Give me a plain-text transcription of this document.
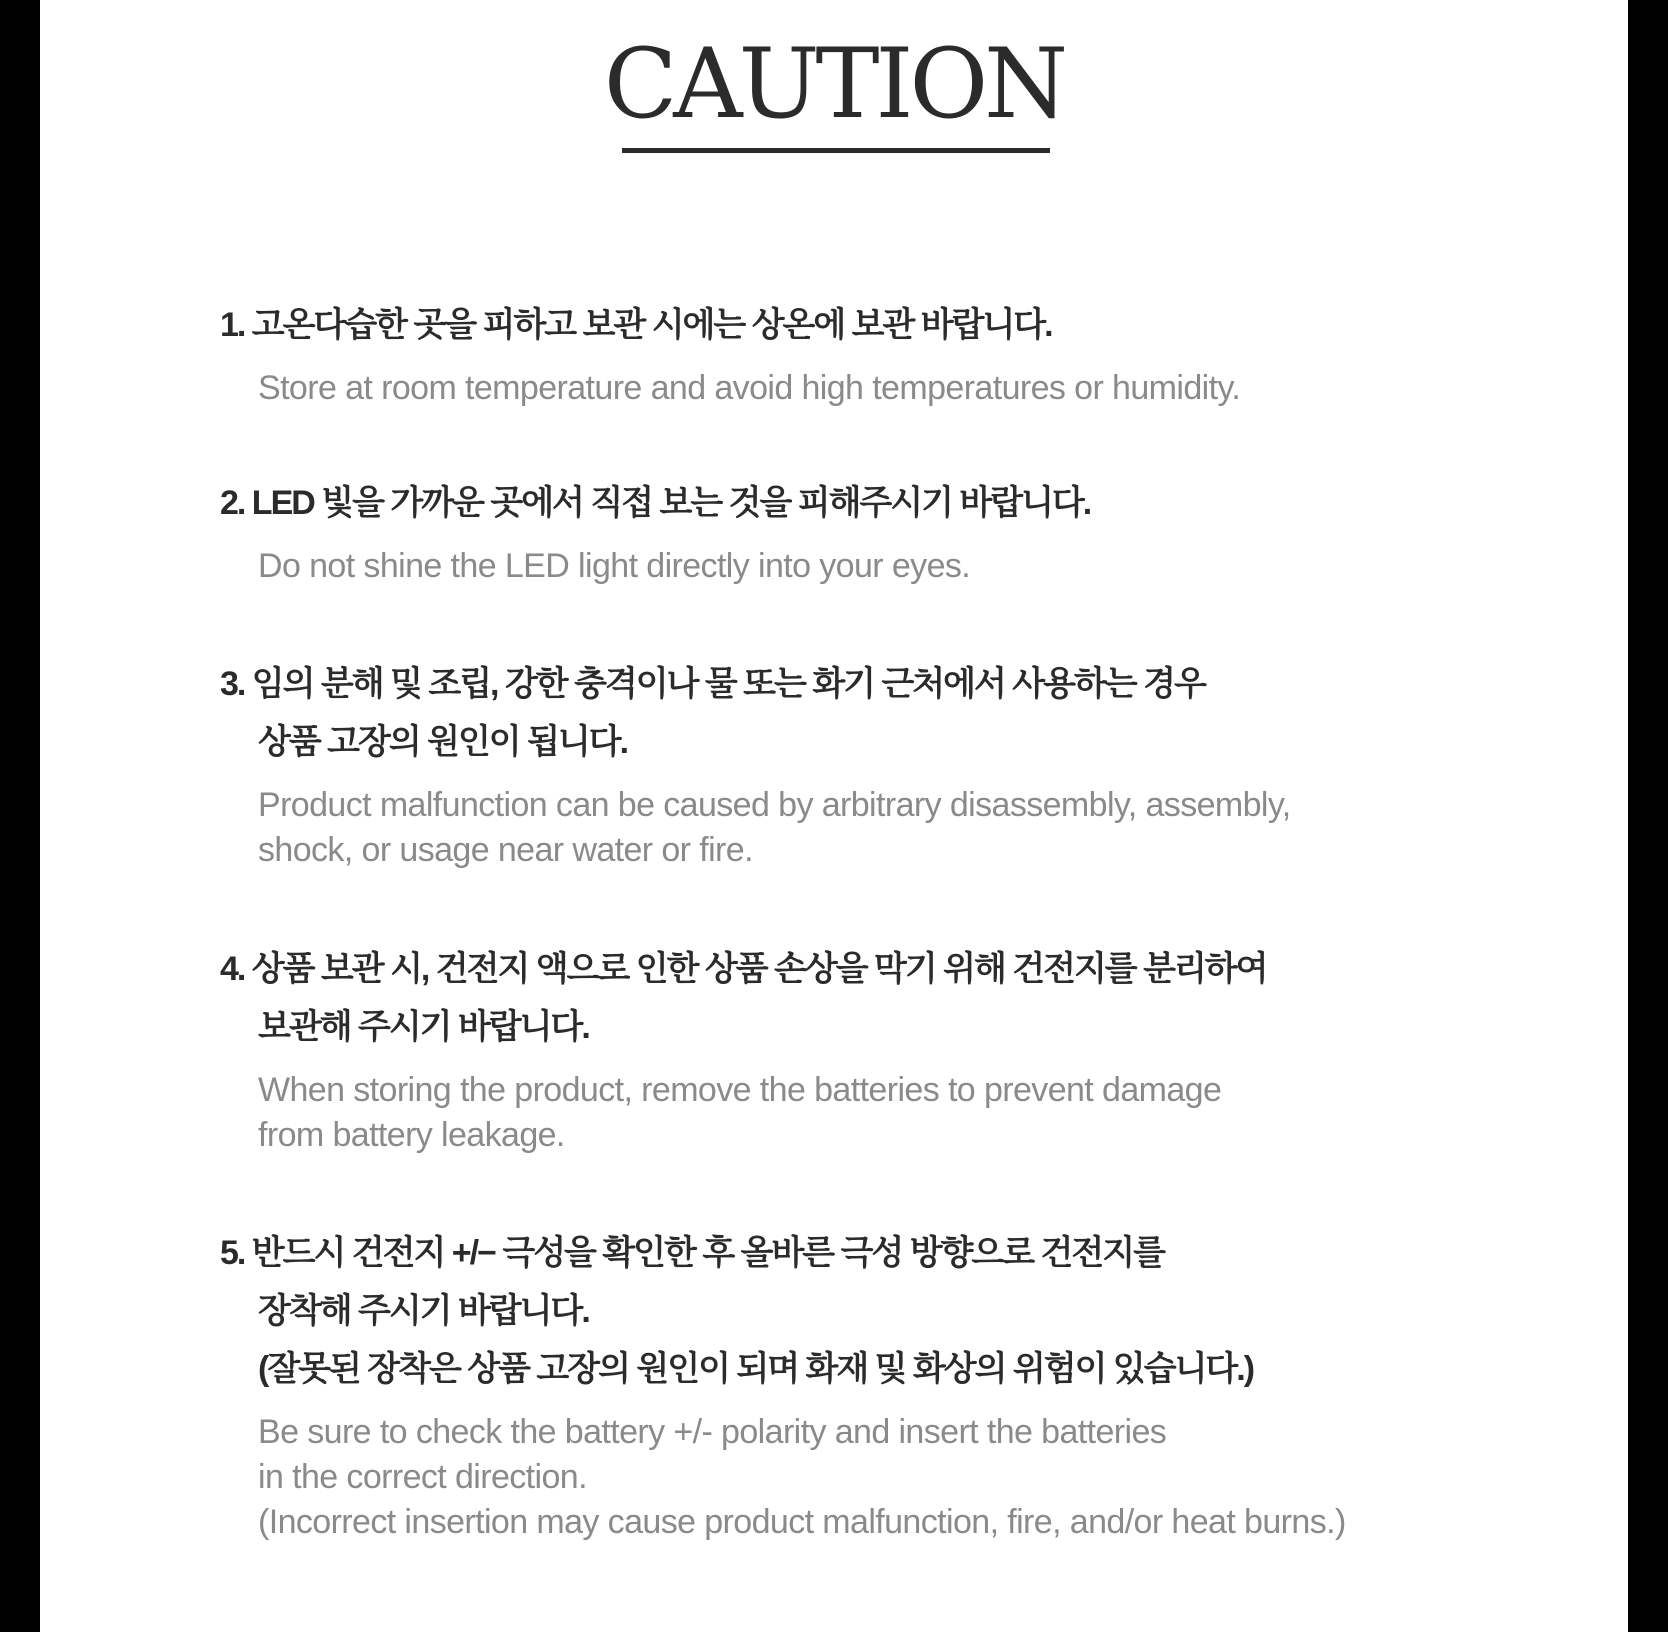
CAUTION
1. 고온다습한 곳을 피하고 보관 시에는 상온에 보관 바랍니다.
Store at room temperature and avoid high temperatures or humidity.
2. LED 빛을 가까운 곳에서 직접 보는 것을 피해주시기 바랍니다.
Do not shine the LED light directly into your eyes.
3. 임의 분해 및 조립, 강한 충격이나 물 또는 화기 근처에서 사용하는 경우
상품 고장의 원인이 됩니다.
Product malfunction can be caused by arbitrary disassembly, assembly,
shock, or usage near water or fire.
4. 상품 보관 시, 건전지 액으로 인한 상품 손상을 막기 위해 건전지를 분리하여
보관해 주시기 바랍니다.
When storing the product, remove the batteries to prevent damage
from battery leakage.
5. 반드시 건전지 +/− 극성을 확인한 후 올바른 극성 방향으로 건전지를
장착해 주시기 바랍니다.
(잘못된 장착은 상품 고장의 원인이 되며 화재 및 화상의 위험이 있습니다.)
Be sure to check the battery +/- polarity and insert the batteries
in the correct direction.
(Incorrect insertion may cause product malfunction, fire, and/or heat burns.)
